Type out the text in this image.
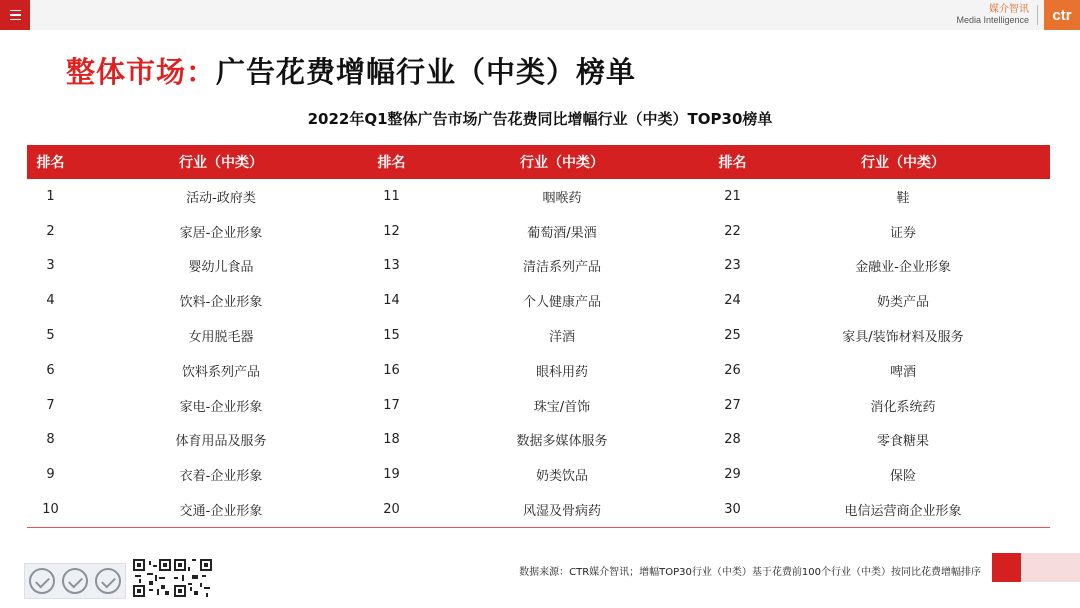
媒介智讯
Media Intelligence	ctr
整体市场：广告花费增幅行业（中类）榜单
2022年Q1整体广告市场广告花费同比增幅行业（中类）TOP30榜单
排名	行业（中类）	排名	行业（中类）	排名	行业（中类）
1	活动-政府类	11	咽喉药	21	鞋
2	家居-企业形象	12	葡萄酒/果酒	22	证券
3	婴幼儿食品	13	清洁系列产品	23	金融业-企业形象
4	饮料-企业形象	14	个人健康产品	24	奶类产品
5	女用脱毛器	15	洋酒	25	家具/装饰材料及服务
6	饮料系列产品	16	眼科用药	26	啤酒
7	家电-企业形象	17	珠宝/首饰	27	消化系统药
8	体育用品及服务	18	数据多媒体服务	28	零食糖果
9	衣着-企业形象	19	奶类饮品	29	保险
10	交通-企业形象	20	风湿及骨病药	30	电信运营商企业形象
数据来源：CTR媒介智讯；增幅TOP30行业（中类）基于花费前100个行业（中类）按同比花费增幅排序
